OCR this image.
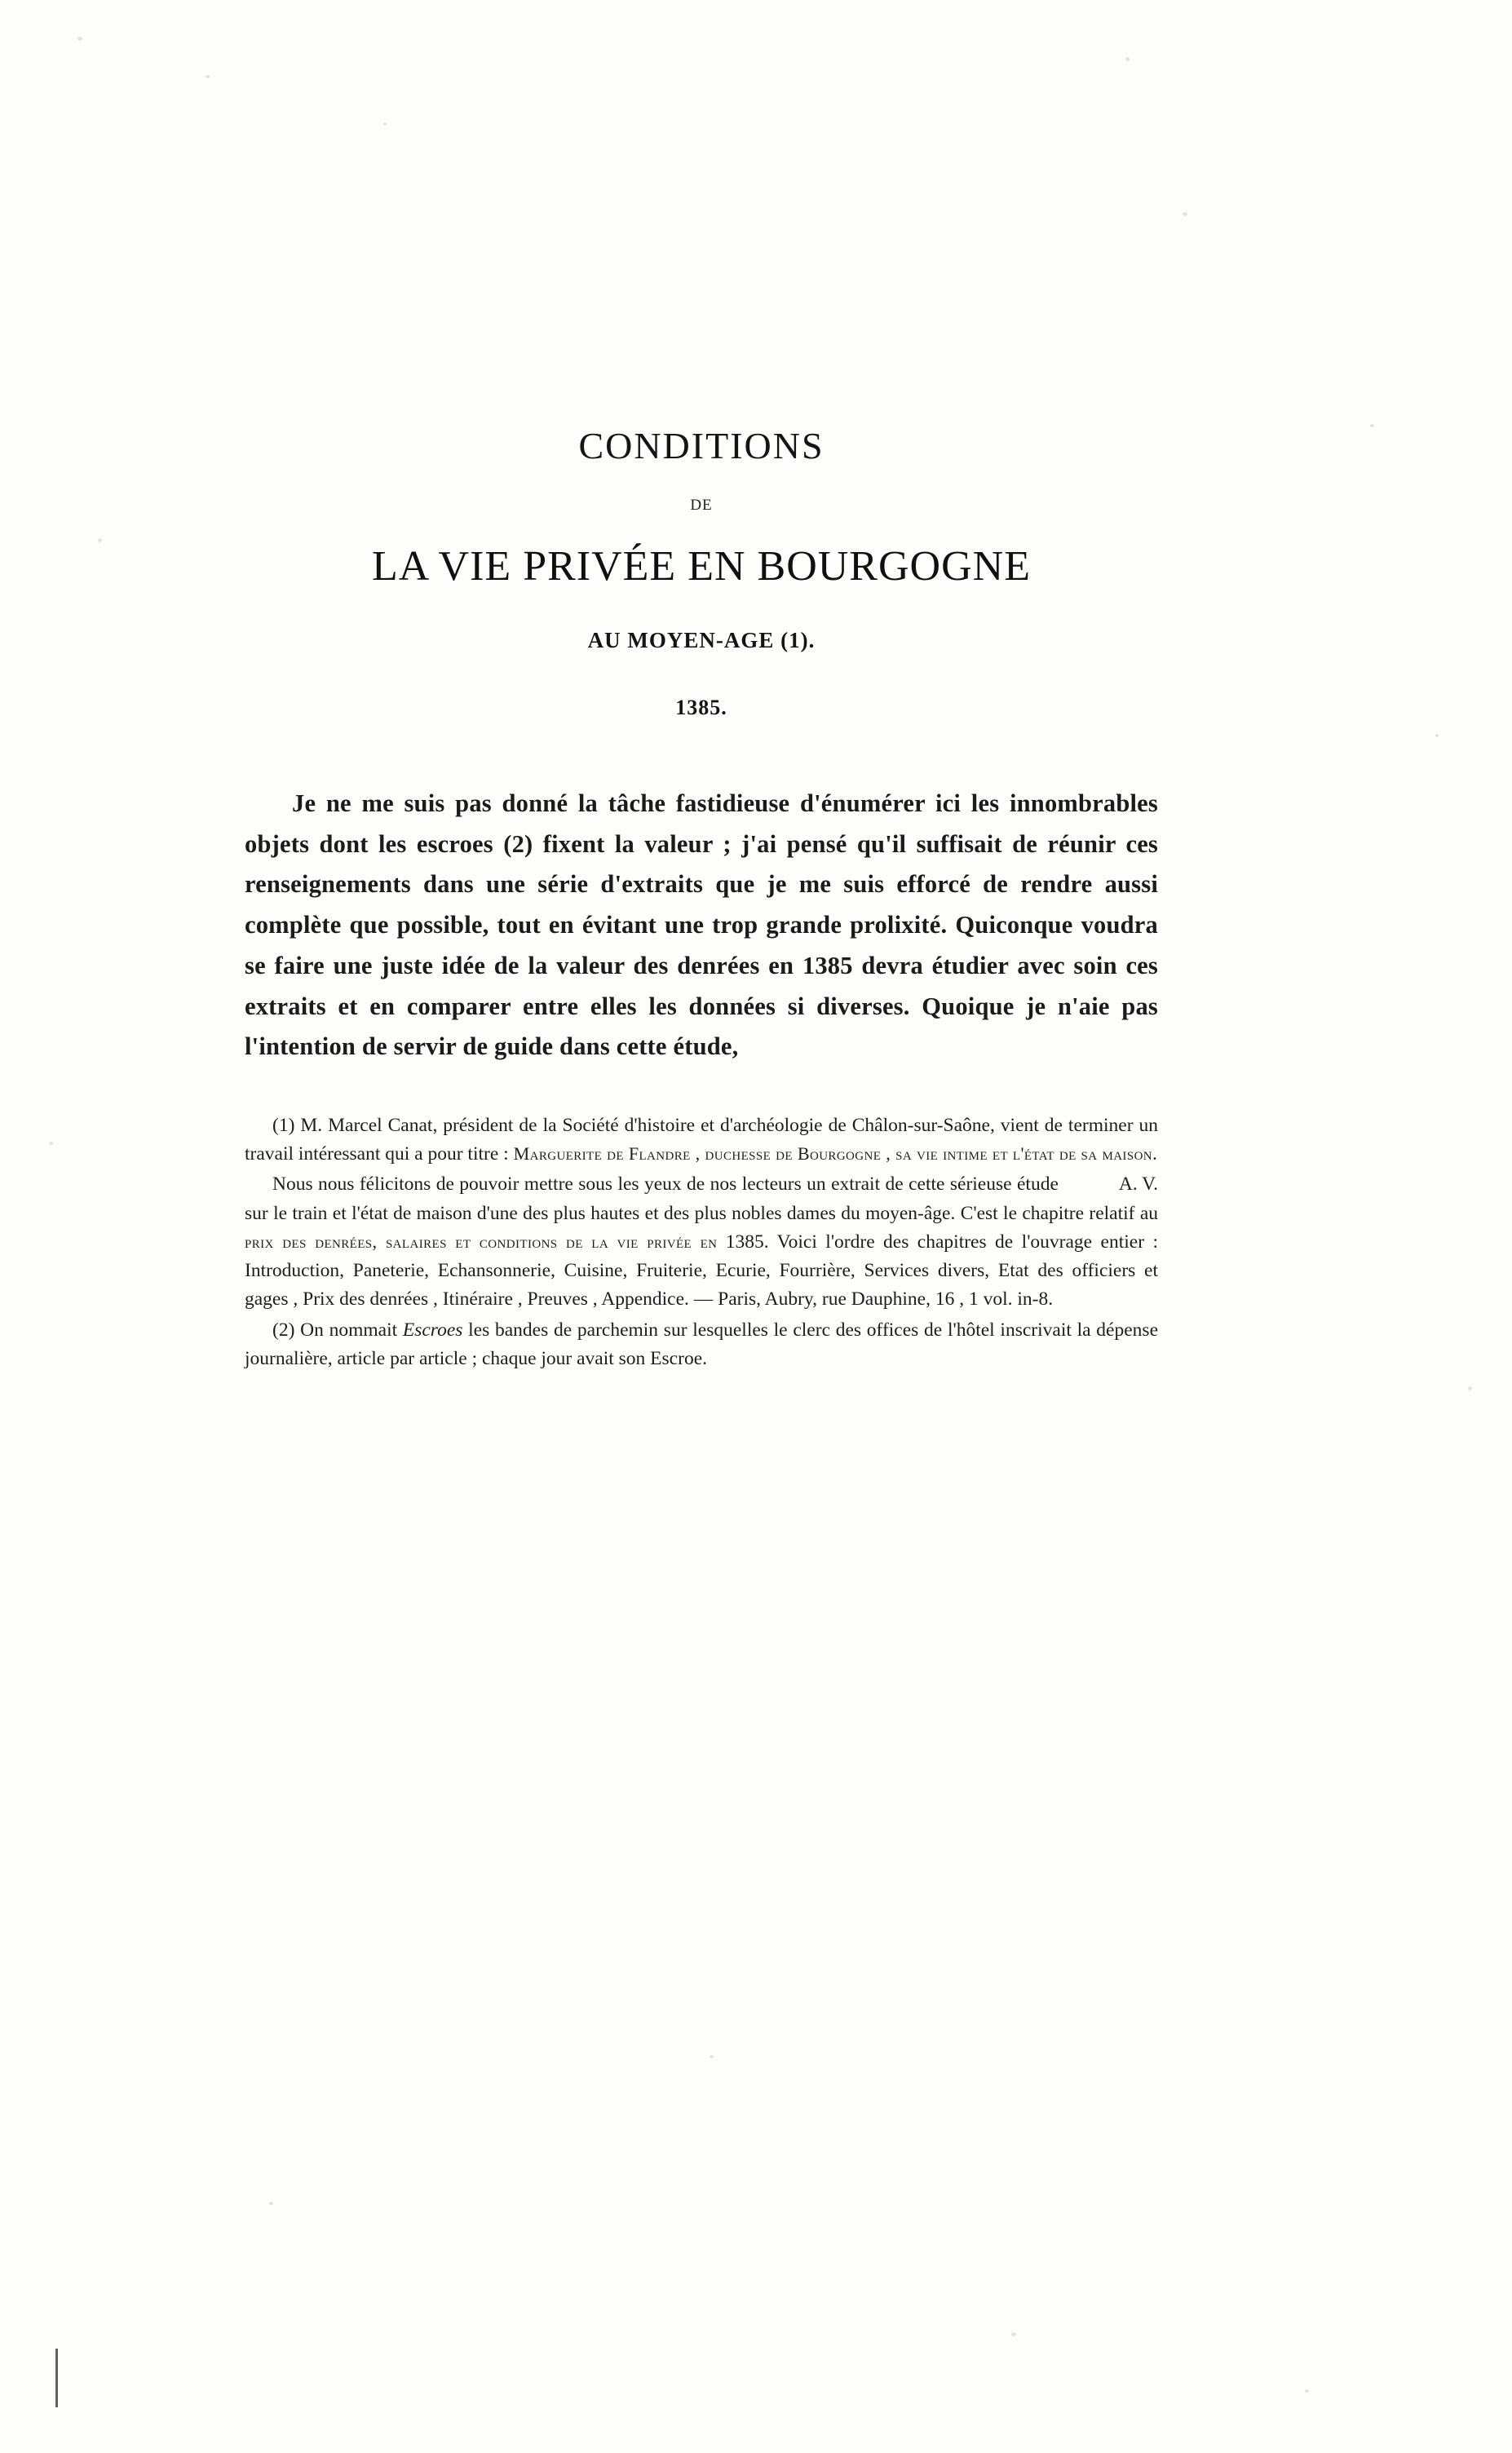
CONDITIONS
DE
LA VIE PRIVÉE EN BOURGOGNE
AU MOYEN-AGE (1).
1385.
Je ne me suis pas donné la tâche fastidieuse d'énumérer ici les innombrables objets dont les escroes (2) fixent la valeur ; j'ai pensé qu'il suffisait de réunir ces renseignements dans une série d'extraits que je me suis efforcé de rendre aussi complète que possible, tout en évitant une trop grande prolixité. Quiconque voudra se faire une juste idée de la valeur des denrées en 1385 devra étudier avec soin ces extraits et en comparer entre elles les données si diverses. Quoique je n'aie pas l'intention de servir de guide dans cette étude,

(1) M. Marcel Canat, président de la Société d'histoire et d'archéologie de Châlon-sur-Saône, vient de terminer un travail intéressant qui a pour titre : Marguerite de Flandre , duchesse de Bourgogne , sa vie intime et l'état de sa maison.

A. V.
Nous nous félicitons de pouvoir mettre sous les yeux de nos lecteurs un extrait de cette sérieuse étude sur le train et l'état de maison d'une des plus hautes et des plus nobles dames du moyen-âge. C'est le chapitre relatif au prix des denrées, salaires et conditions de la vie privée en 1385. Voici l'ordre des chapitres de l'ouvrage entier : Introduction, Paneterie, Echansonnerie, Cuisine, Fruiterie, Ecurie, Fourrière, Services divers, Etat des officiers et gages , Prix des denrées , Itinéraire , Preuves , Appendice. — Paris, Aubry, rue Dauphine, 16 , 1 vol. in-8.

(2) On nommait Escroes les bandes de parchemin sur lesquelles le clerc des offices de l'hôtel inscrivait la dépense journalière, article par article ; chaque jour avait son Escroe.
